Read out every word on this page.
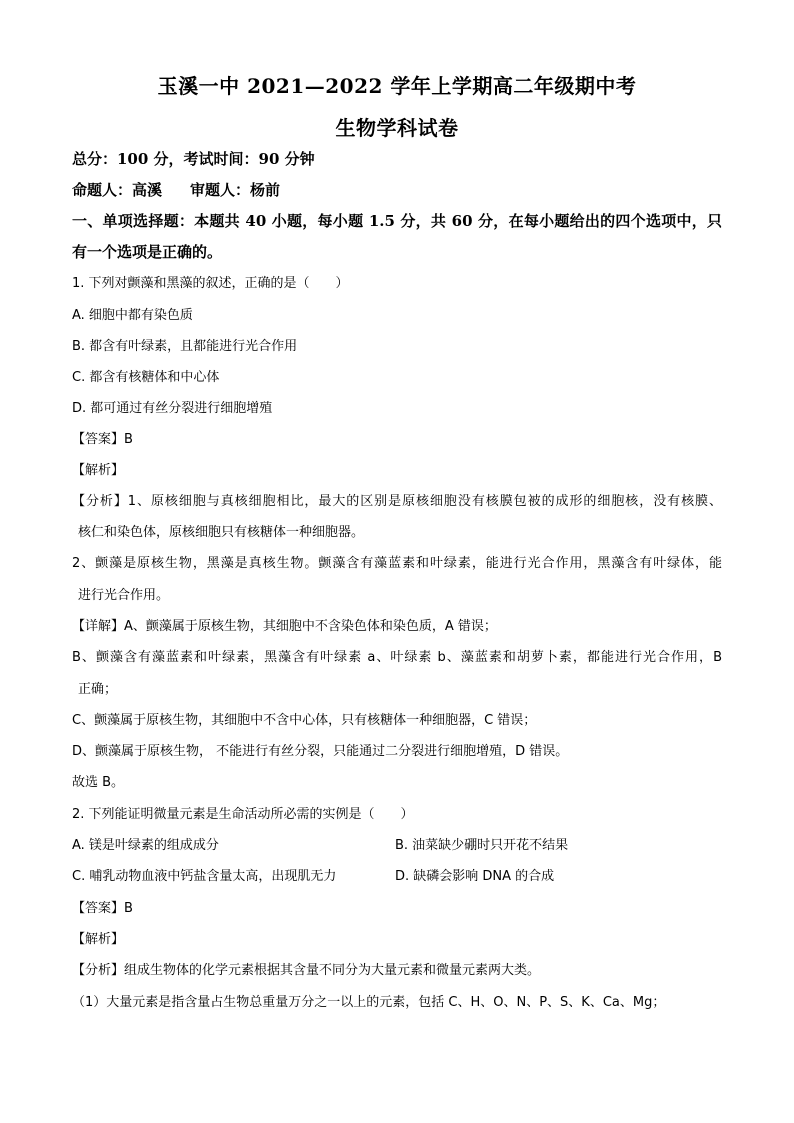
玉溪一中 2021—2022 学年上学期高二年级期中考
生物学科试卷
总分：100 分，考试时间：90 分钟
命题人：高溪 审题人：杨前
一、单项选择题：本题共 40 小题，每小题 1.5 分，共 60 分，在每小题给出的四个选项中，只
有一个选项是正确的。
1. 下列对颤藻和黑藻的叙述，正确的是（　　）
A. 细胞中都有染色质
B. 都含有叶绿素，且都能进行光合作用
C. 都含有核糖体和中心体
D. 都可通过有丝分裂进行细胞增殖
【答案】B
【解析】
【分析】1、原核细胞与真核细胞相比，最大的区别是原核细胞没有核膜包被的成形的细胞核，没有核膜、
核仁和染色体，原核细胞只有核糖体一种细胞器。
2、颤藻是原核生物，黑藻是真核生物。颤藻含有藻蓝素和叶绿素，能进行光合作用，黑藻含有叶绿体，能
进行光合作用。
【详解】A、颤藻属于原核生物，其细胞中不含染色体和染色质，A 错误；
B、颤藻含有藻蓝素和叶绿素，黑藻含有叶绿素 a、叶绿素 b、藻蓝素和胡萝卜素，都能进行光合作用，B
正确；
C、颤藻属于原核生物，其细胞中不含中心体，只有核糖体一种细胞器，C 错误；
D、颤藻属于原核生物， 不能进行有丝分裂，只能通过二分裂进行细胞增殖，D 错误。
故选 B。
2. 下列能证明微量元素是生命活动所必需的实例是（　　）
A. 镁是叶绿素的组成成分	B. 油菜缺少硼时只开花不结果
C. 哺乳动物血液中钙盐含量太高，出现肌无力	D. 缺磷会影响 DNA 的合成
【答案】B
【解析】
【分析】组成生物体的化学元素根据其含量不同分为大量元素和微量元素两大类。
（1）大量元素是指含量占生物总重量万分之一以上的元素，包括 C、H、O、N、P、S、K、Ca、Mg；
